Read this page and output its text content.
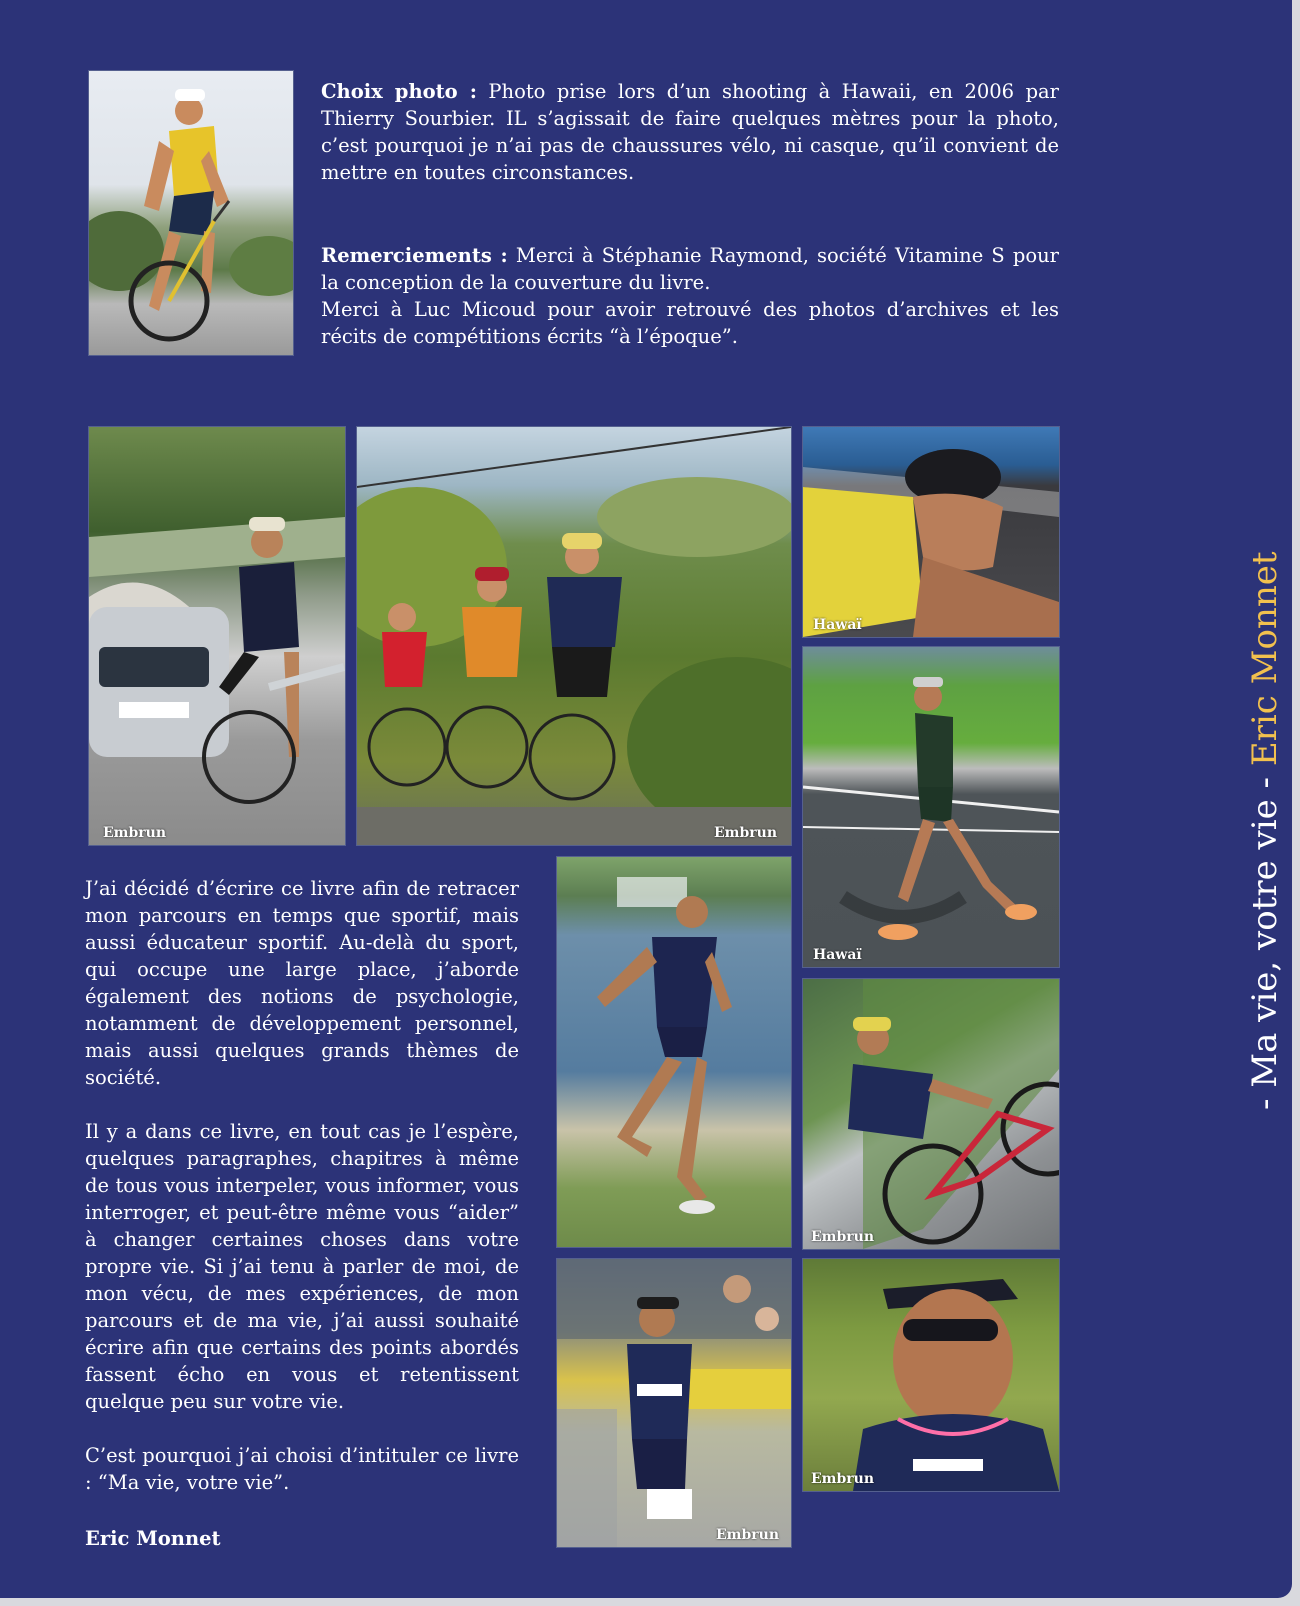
Choix photo : Photo prise lors d’un shooting à Hawaii, en 2006 par Thierry Sourbier. IL s’agissait de faire quelques mètres pour la photo, c’est pourquoi je n’ai pas de chaussures vélo, ni casque, qu’il convient de mettre en toutes circonstances.

Remerciements : Merci à Stéphanie Raymond, société Vitamine S pour la conception de la couverture du livre.

Merci à Luc Micoud pour avoir retrouvé des photos d’archives et les récits de compétitions écrits “à l’époque”.

Embrun	Embrun
Hawaï
Hawaï
Embrun
Embrun
Embrun

J’ai décidé d’écrire ce livre afin de retracer mon parcours en temps que sportif, mais aussi éducateur sportif. Au-delà du sport, qui occupe une large place, j’aborde également des notions de psychologie, notamment de développement personnel, mais aussi quelques grands thèmes de société.

Il y a dans ce livre, en tout cas je l’espère, quelques paragraphes, chapitres à même de tous vous interpeler, vous informer, vous interroger, et peut-être même vous “aider” à changer certaines choses dans votre propre vie. Si j’ai tenu à parler de moi, de mon vécu, de mes expériences, de mon parcours et de ma vie, j’ai aussi souhaité écrire afin que certains des points abordés fassent écho en vous et retentissent quelque peu sur votre vie.

C’est pourquoi j’ai choisi d’intituler ce livre : “Ma vie, votre vie”.

Eric Monnet
- Ma vie, votre vie - Eric Monnet
